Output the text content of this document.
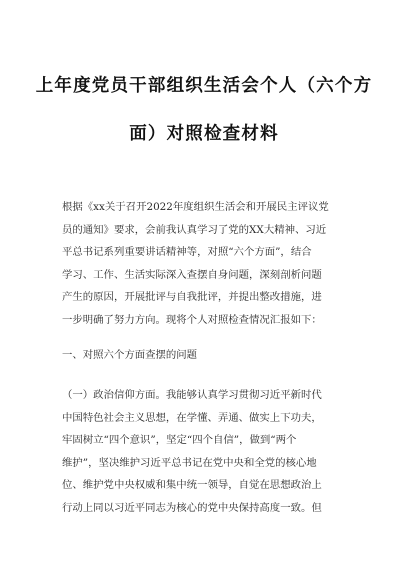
上年度党员干部组织生活会个人（六个方
面）对照检查材料
根据《xx关于召开2022年度组织生活会和开展民主评议党
员的通知》要求，会前我认真学习了党的XX大精神、习近
平总书记系列重要讲话精神等，对照“六个方面”，结合
学习、工作、生活实际深入查摆自身问题，深刻剖析问题
产生的原因，开展批评与自我批评，并提出整改措施，进
一步明确了努力方向。现将个人对照检查情况汇报如下：
一、对照六个方面查摆的问题
（一）政治信仰方面。我能够认真学习贯彻习近平新时代
中国特色社会主义思想，在学懂、弄通、做实上下功夫，
牢固树立“四个意识”，坚定“四个自信”，做到“两个
维护”，坚决维护习近平总书记在党中央和全党的核心地
位、维护党中央权威和集中统一领导，自觉在思想政治上
行动上同以习近平同志为核心的党中央保持高度一致。但
